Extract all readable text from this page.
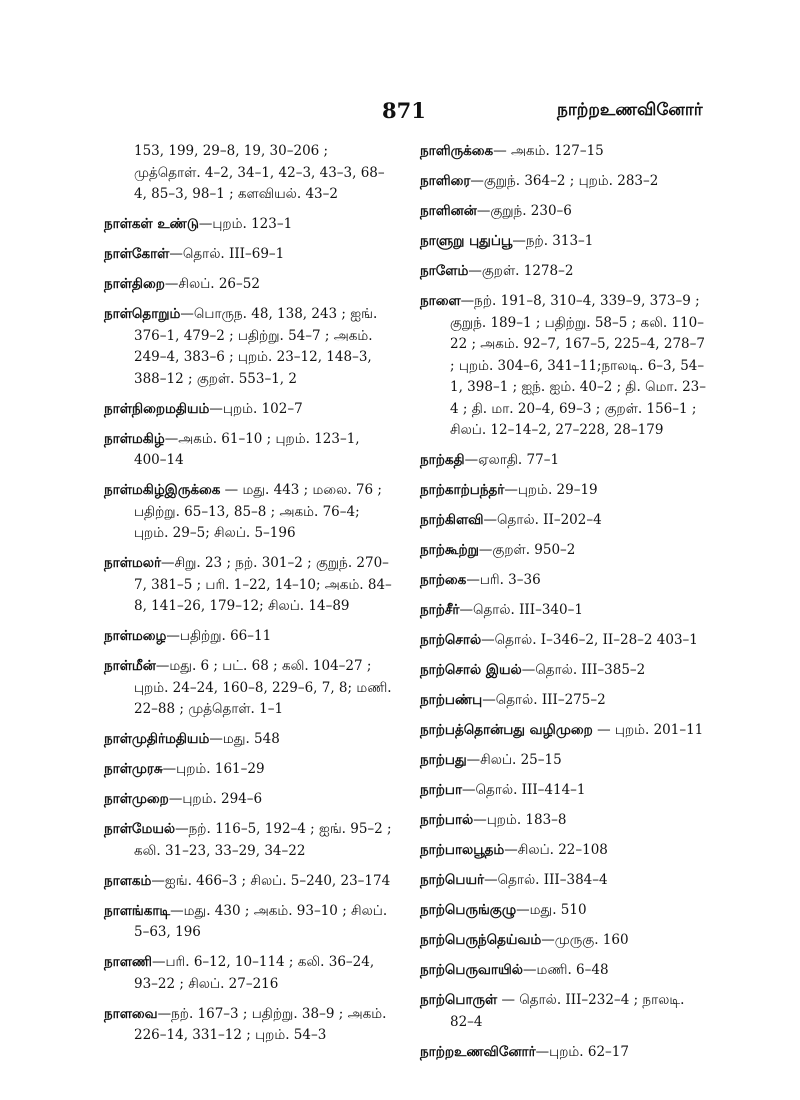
871	நாற்றஉணவினோர்
153, 199, 29–8, 19, 30–206 ; முத்தொள். 4–2, 34–1, 42–3, 43–3, 68–4, 85–3, 98–1 ; களவியல். 43–2
நாள்கள் உண்டு—புறம். 123–1
நாள்கோள்—தொல். III–69–1
நாள்திறை—சிலப். 26–52
நாள்தொறும்—பொருந. 48, 138, 243 ; ஐங். 376–1, 479–2 ; பதிற்று. 54–7 ; அகம். 249–4, 383–6 ; புறம். 23–12, 148–3, 388–12 ; குறள். 553–1, 2
நாள்நிறைமதியம்—புறம். 102–7
நாள்மகிழ்—அகம். 61–10 ; புறம். 123–1, 400–14
நாள்மகிழ்இருக்கை — மது. 443 ; மலை. 76 ; பதிற்று. 65–13, 85–8 ; அகம். 76–4; புறம். 29–5; சிலப். 5–196
நாள்மலர்—சிறு. 23 ; நற். 301–2 ; குறுந். 270–7, 381–5 ; பரி. 1–22, 14–10; அகம். 84–8, 141–26, 179–12; சிலப். 14–89
நாள்மழை—பதிற்று. 66–11
நாள்மீன்—மது. 6 ; பட். 68 ; கலி. 104–27 ; புறம். 24–24, 160–8, 229–6, 7, 8; மணி. 22–88 ; முத்தொள். 1–1
நாள்முதிர்மதியம்—மது. 548
நாள்முரசு—புறம். 161–29
நாள்முறை—புறம். 294–6
நாள்மேயல்—நற். 116–5, 192–4 ; ஐங். 95–2 ; கலி. 31–23, 33–29, 34–22
நாளகம்—ஐங். 466–3 ; சிலப். 5–240, 23–174
நாளங்காடி—மது. 430 ; அகம். 93–10 ; சிலப். 5–63, 196
நாளணி—பரி. 6–12, 10–114 ; கலி. 36–24, 93–22 ; சிலப். 27–216
நாளவை—நற். 167–3 ; பதிற்று. 38–9 ; அகம். 226–14, 331–12 ; புறம். 54–3
நாளிருக்கை— அகம். 127–15
நாளிரை—குறுந். 364–2 ; புறம். 283–2
நாளினன்—குறுந். 230–6
நாளுறு புதுப்பூ—நற். 313–1
நாளேம்—குறள். 1278–2
நாளை—நற். 191–8, 310–4, 339–9, 373–9 ; குறுந். 189–1 ; பதிற்று. 58–5 ; கலி. 110–22 ; அகம். 92–7, 167–5, 225–4, 278–7 ; புறம். 304–6, 341–11;நாலடி. 6–3, 54–1, 398–1 ; ஐந். ஐம். 40–2 ; தி. மொ. 23–4 ; தி. மா. 20–4, 69–3 ; குறள். 156–1 ; சிலப். 12–14–2, 27–228, 28–179
நாற்கதி—ஏலாதி. 77–1
நாற்காற்பந்தர்—புறம். 29–19
நாற்கிளவி—தொல். II–202–4
நாற்கூற்று—குறள். 950–2
நாற்கை—பரி. 3–36
நாற்சீர்—தொல். III–340–1
நாற்சொல்—தொல். I–346–2, II–28–2 403–1
நாற்சொல் இயல்—தொல். III–385–2
நாற்பண்பு—தொல். III–275–2
நாற்பத்தொன்பது வழிமுறை — புறம். 201–11
நாற்பது—சிலப். 25–15
நாற்பா—தொல். III–414–1
நாற்பால்—புறம். 183–8
நாற்பாலபூதம்—சிலப். 22–108
நாற்பெயர்—தொல். III–384–4
நாற்பெருங்குழு—மது. 510
நாற்பெருந்தெய்வம்—முருகு. 160
நாற்பெருவாயில்—மணி. 6–48
நாற்பொருள் — தொல். III–232–4 ; நாலடி. 82–4
நாற்றஉணவினோர்—புறம். 62–17
